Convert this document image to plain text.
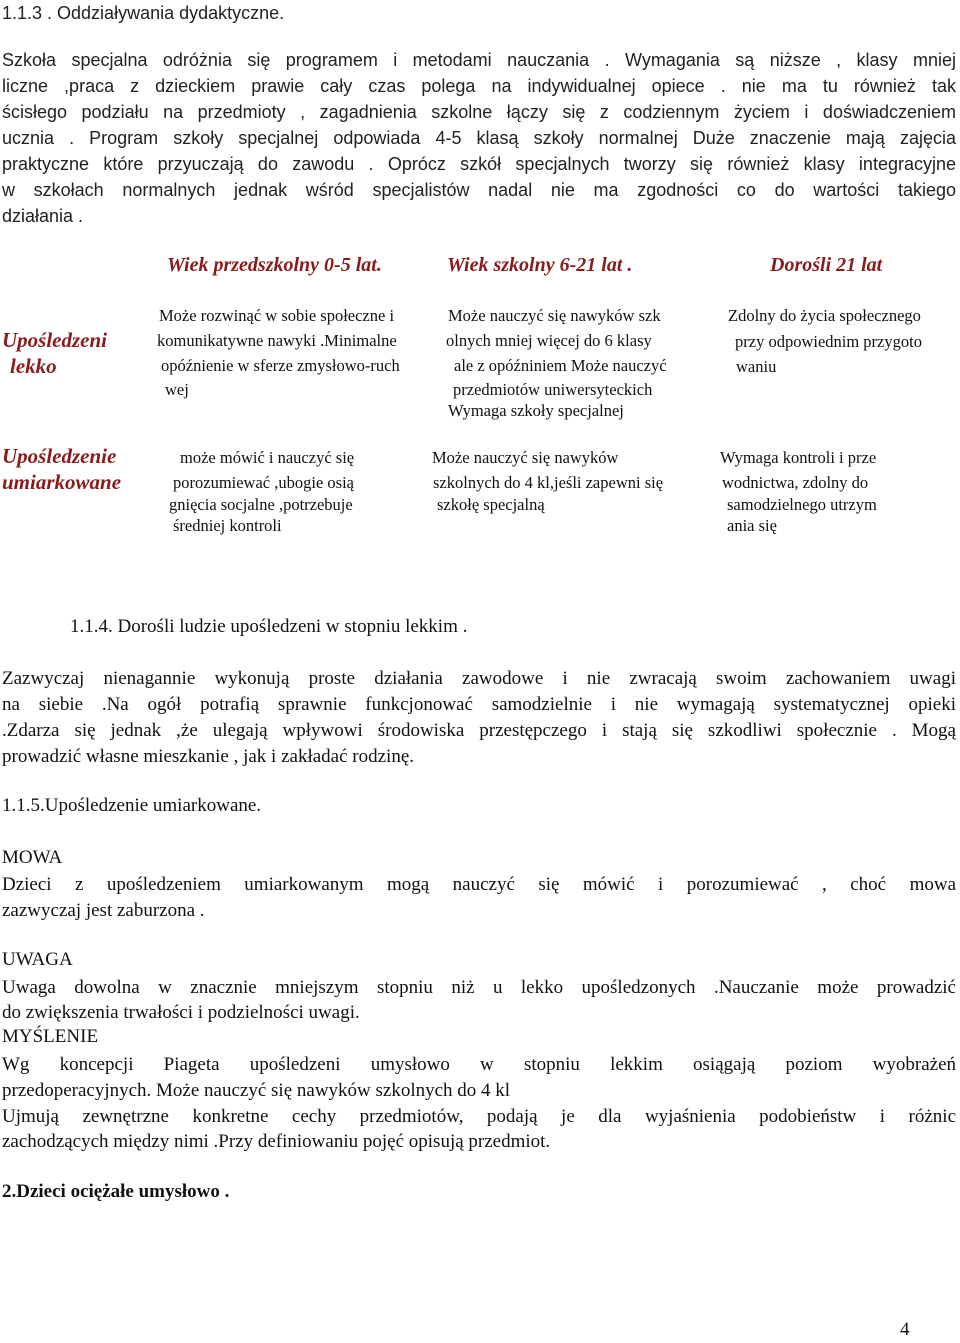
1.1.3 . Oddziaływania dydaktyczne.
Szkoła specjalna odróżnia się programem i metodami nauczania . Wymagania są niższe , klasy mniej
liczne ,praca z dzieckiem prawie cały czas polega na indywidualnej opiece . nie ma tu również tak
ścisłego podziału na przedmioty , zagadnienia szkolne łączy się z codziennym życiem i doświadczeniem
ucznia . Program szkoły specjalnej odpowiada 4-5 klasą szkoły normalnej Duże znaczenie mają zajęcia
praktyczne które przyuczają do zawodu . Oprócz szkół specjalnych tworzy się również klasy integracyjne
w szkołach normalnych jednak wśród specjalistów nadal nie ma zgodności co do wartości takiego
działania .
Wiek przedszkolny 0-5 lat.	Wiek szkolny 6-21 lat .	Dorośli 21 lat
Upośledzeni
lekko
Może rozwinąć w sobie społeczne i
komunikatywne nawyki .Minimalne
opóźnienie w sferze zmysłowo-ruch
wej
Może nauczyć się nawyków szk
olnych mniej więcej do 6 klasy
ale z opóźniniem Może nauczyć
przedmiotów uniwersyteckich
Wymaga szkoły specjalnej
Zdolny do życia społecznego
przy odpowiednim przygoto
waniu
Upośledzenie
umiarkowane
może mówić i nauczyć się
porozumiewać ,ubogie osią
gnięcia socjalne ,potrzebuje
średniej kontroli
Może nauczyć się nawyków
szkolnych do 4 kl,jeśli zapewni się
szkołę specjalną
Wymaga kontroli i prze
wodnictwa, zdolny do
samodzielnego utrzym
ania się
1.1.4. Dorośli ludzie upośledzeni w stopniu lekkim .
Zazwyczaj nienagannie wykonują proste działania zawodowe i nie zwracają swoim zachowaniem uwagi
na siebie .Na ogół potrafią sprawnie funkcjonować samodzielnie i nie wymagają systematycznej opieki
.Zdarza się jednak ,że ulegają wpływowi środowiska przestępczego i stają się szkodliwi społecznie . Mogą
prowadzić własne mieszkanie , jak i zakładać rodzinę.
1.1.5.Upośledzenie umiarkowane.
MOWA
Dzieci z upośledzeniem umiarkowanym mogą nauczyć się mówić i porozumiewać , choć mowa
zazwyczaj jest zaburzona .
UWAGA
Uwaga dowolna w znacznie mniejszym stopniu niż u lekko upośledzonych .Nauczanie może prowadzić
do zwiększenia trwałości i podzielności uwagi.
MYŚLENIE
Wg koncepcji Piageta upośledzeni umysłowo w stopniu lekkim osiągają poziom wyobrażeń
przedoperacyjnych. Może nauczyć się nawyków szkolnych do 4 kl
Ujmują zewnętrzne konkretne cechy przedmiotów, podają je dla wyjaśnienia podobieństw i różnic
zachodzących między nimi .Przy definiowaniu pojęć opisują przedmiot.
2.Dzieci ociężałe umysłowo .
4
